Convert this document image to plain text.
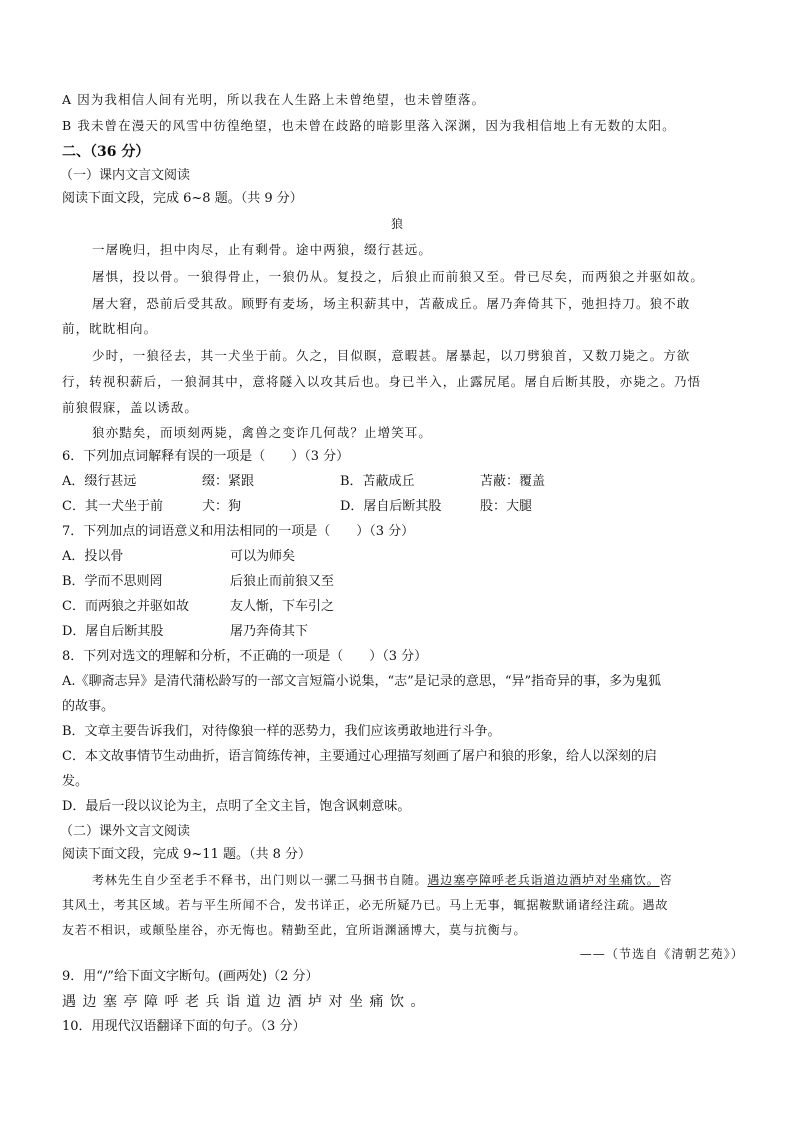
A 因为我相信人间有光明，所以我在人生路上未曾绝望，也未曾堕落。
B 我未曾在漫天的风雪中彷徨绝望，也未曾在歧路的暗影里落入深渊，因为我相信地上有无数的太阳。
二、（36 分）
（一）课内文言文阅读
阅读下面文段，完成 6~8 题。（共 9 分）
狼
一屠晚归，担中肉尽，止有剩骨。途中两狼，缀行甚远。
屠惧，投以骨。一狼得骨止，一狼仍从。复投之，后狼止而前狼又至。骨已尽矣，而两狼之并驱如故。
屠大窘，恐前后受其敌。顾野有麦场，场主积薪其中，苫蔽成丘。屠乃奔倚其下，弛担持刀。狼不敢
前，眈眈相向。
少时，一狼径去，其一犬坐于前。久之，目似瞑，意暇甚。屠暴起，以刀劈狼首，又数刀毙之。方欲
行，转视积薪后，一狼洞其中，意将隧入以攻其后也。身已半入，止露尻尾。屠自后断其股，亦毙之。乃悟
前狼假寐，盖以诱敌。
狼亦黠矣，而顷刻两毙，禽兽之变诈几何哉？止增笑耳。
6．下列加点词解释有误的一项是（　　）（3 分）
A．缀行甚远	缀：紧跟	B．苫蔽成丘	苫蔽：覆盖
C．其一犬坐于前	犬：狗	D．屠自后断其股	股：大腿
7．下列加点的词语意义和用法相同的一项是（　　）（3 分）
A．投以骨	可以为师矣
B．学而不思则罔	后狼止而前狼又至
C．而两狼之并驱如故	友人惭，下车引之
D．屠自后断其股	屠乃奔倚其下
8．下列对选文的理解和分析，不正确的一项是（　　）（3 分）
A.《聊斋志异》是清代蒲松龄写的一部文言短篇小说集，“志”是记录的意思，“异”指奇异的事，多为鬼狐
的故事。
B．文章主要告诉我们，对待像狼一样的恶势力，我们应该勇敢地进行斗争。
C．本文故事情节生动曲折，语言简练传神，主要通过心理描写刻画了屠户和狼的形象，给人以深刻的启
发。
D．最后一段以议论为主，点明了全文主旨，饱含讽刺意味。
（二）课外文言文阅读
阅读下面文段，完成 9~11 题。（共 8 分）
考林先生自少至老手不释书，出门则以一骡二马捆书自随。遇边塞亭障呼老兵诣道边酒垆对坐痛饮。咨
其风土，考其区域。若与平生所闻不合，发书详正，必无所疑乃已。马上无事，辄据鞍默诵诸经注疏。遇故
友若不相识，或颠坠崖谷，亦无悔也。精勤至此，宜所诣渊涵博大，莫与抗衡与。
——（节选自《清朝艺苑》）
9．用“/”给下面文字断句。(画两处)（2 分）
遇边塞亭障呼老兵诣道边酒垆对坐痛饮。
10．用现代汉语翻译下面的句子。（3 分）
